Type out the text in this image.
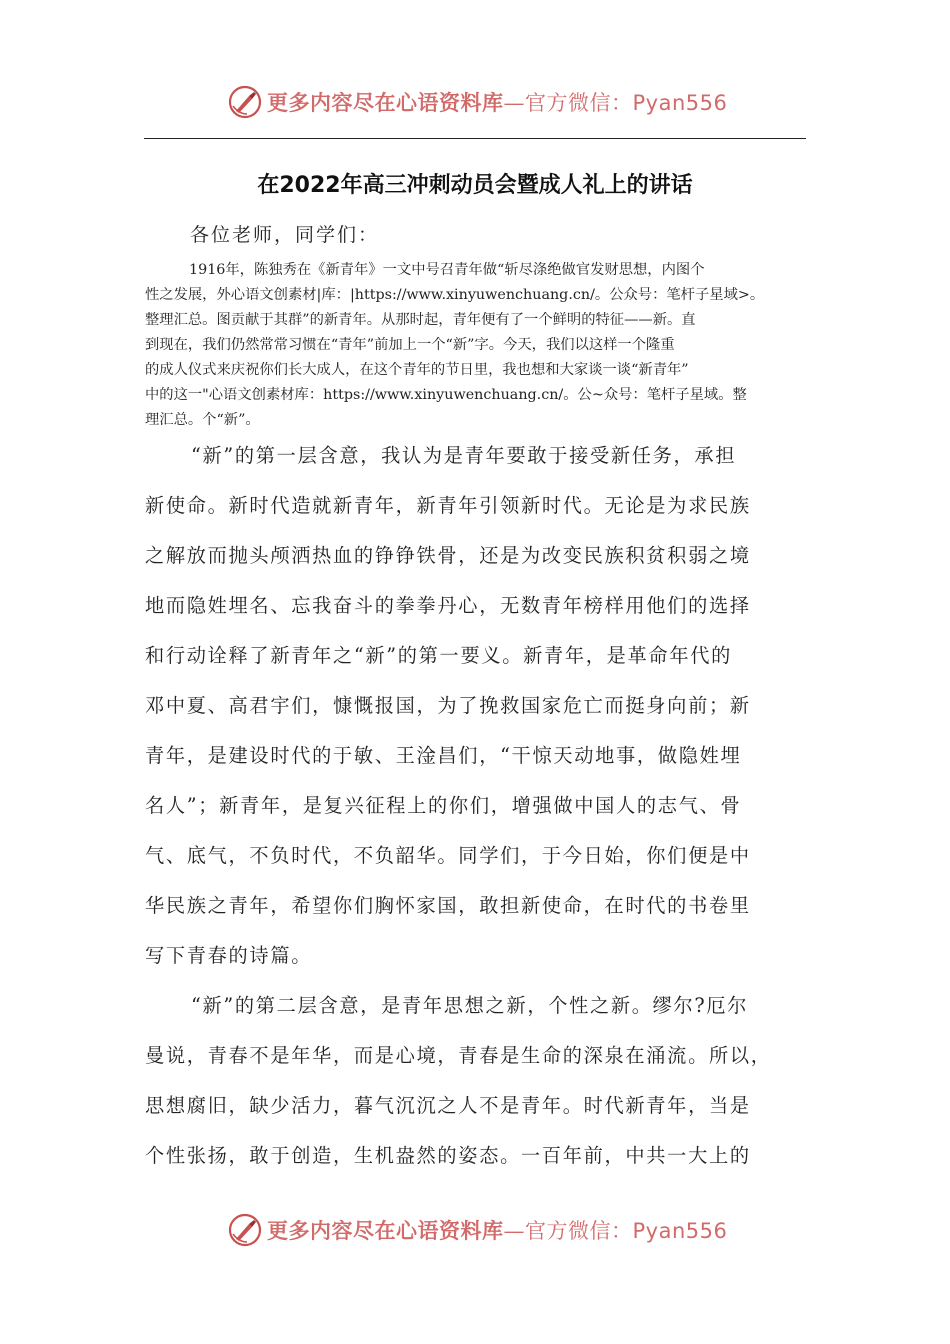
更多内容尽在心语资料库—官方微信：Pyan556
在2022年高三冲刺动员会暨成人礼上的讲话
各位老师，同学们：
1916年，陈独秀在《新青年》一文中号召青年做“斩尽涤绝做官发财思想，内图个
性之发展，外心语文创素材|库：|https://www.xinyuwenchuang.cn/。公众号：笔杆子星域>。
整理汇总。图贡献于其群”的新青年。从那时起，青年便有了一个鲜明的特征——新。直
到现在，我们仍然常常习惯在“青年”前加上一个“新”字。今天，我们以这样一个隆重
的成人仪式来庆祝你们长大成人，在这个青年的节日里，我也想和大家谈一谈“新青年”
中的这一"心语文创素材库：https://www.xinyuwenchuang.cn/。公~众号：笔杆子星域。整
理汇总。个“新”。
“新”的第一层含意，我认为是青年要敢于接受新任务，承担
新使命。新时代造就新青年，新青年引领新时代。无论是为求民族
之解放而抛头颅洒热血的铮铮铁骨，还是为改变民族积贫积弱之境
地而隐姓埋名、忘我奋斗的拳拳丹心，无数青年榜样用他们的选择
和行动诠释了新青年之“新”的第一要义。新青年，是革命年代的
邓中夏、高君宇们，慷慨报国，为了挽救国家危亡而挺身向前；新
青年，是建设时代的于敏、王淦昌们，“干惊天动地事，做隐姓埋
名人”；新青年，是复兴征程上的你们，增强做中国人的志气、骨
气、底气，不负时代，不负韶华。同学们，于今日始，你们便是中
华民族之青年，希望你们胸怀家国，敢担新使命，在时代的书卷里
写下青春的诗篇。
“新”的第二层含意，是青年思想之新，个性之新。缪尔?厄尔
曼说，青春不是年华，而是心境，青春是生命的深泉在涌流。所以，
思想腐旧，缺少活力，暮气沉沉之人不是青年。时代新青年，当是
个性张扬，敢于创造，生机盎然的姿态。一百年前，中共一大上的
更多内容尽在心语资料库—官方微信：Pyan556
